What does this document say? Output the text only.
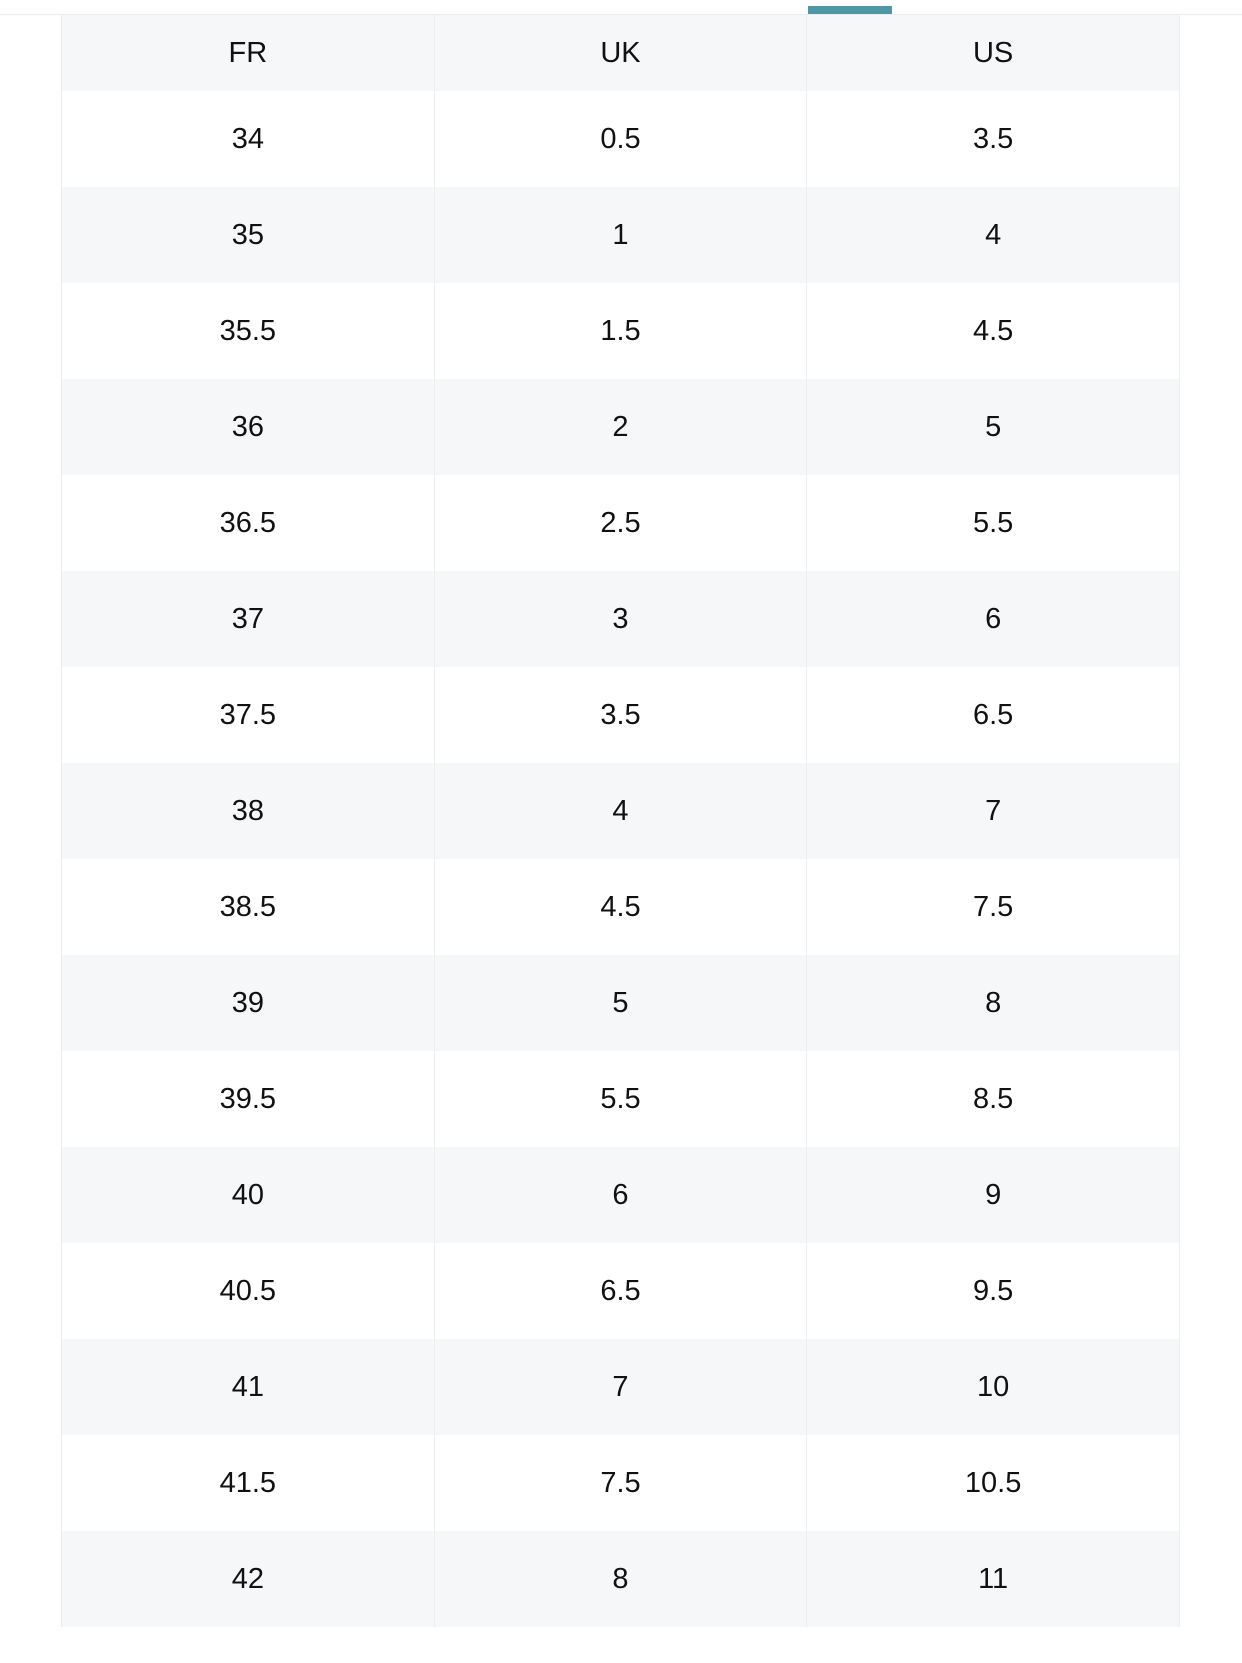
FR	UK	US
34	0.5	3.5
35	1	4
35.5	1.5	4.5
36	2	5
36.5	2.5	5.5
37	3	6
37.5	3.5	6.5
38	4	7
38.5	4.5	7.5
39	5	8
39.5	5.5	8.5
40	6	9
40.5	6.5	9.5
41	7	10
41.5	7.5	10.5
42	8	11
